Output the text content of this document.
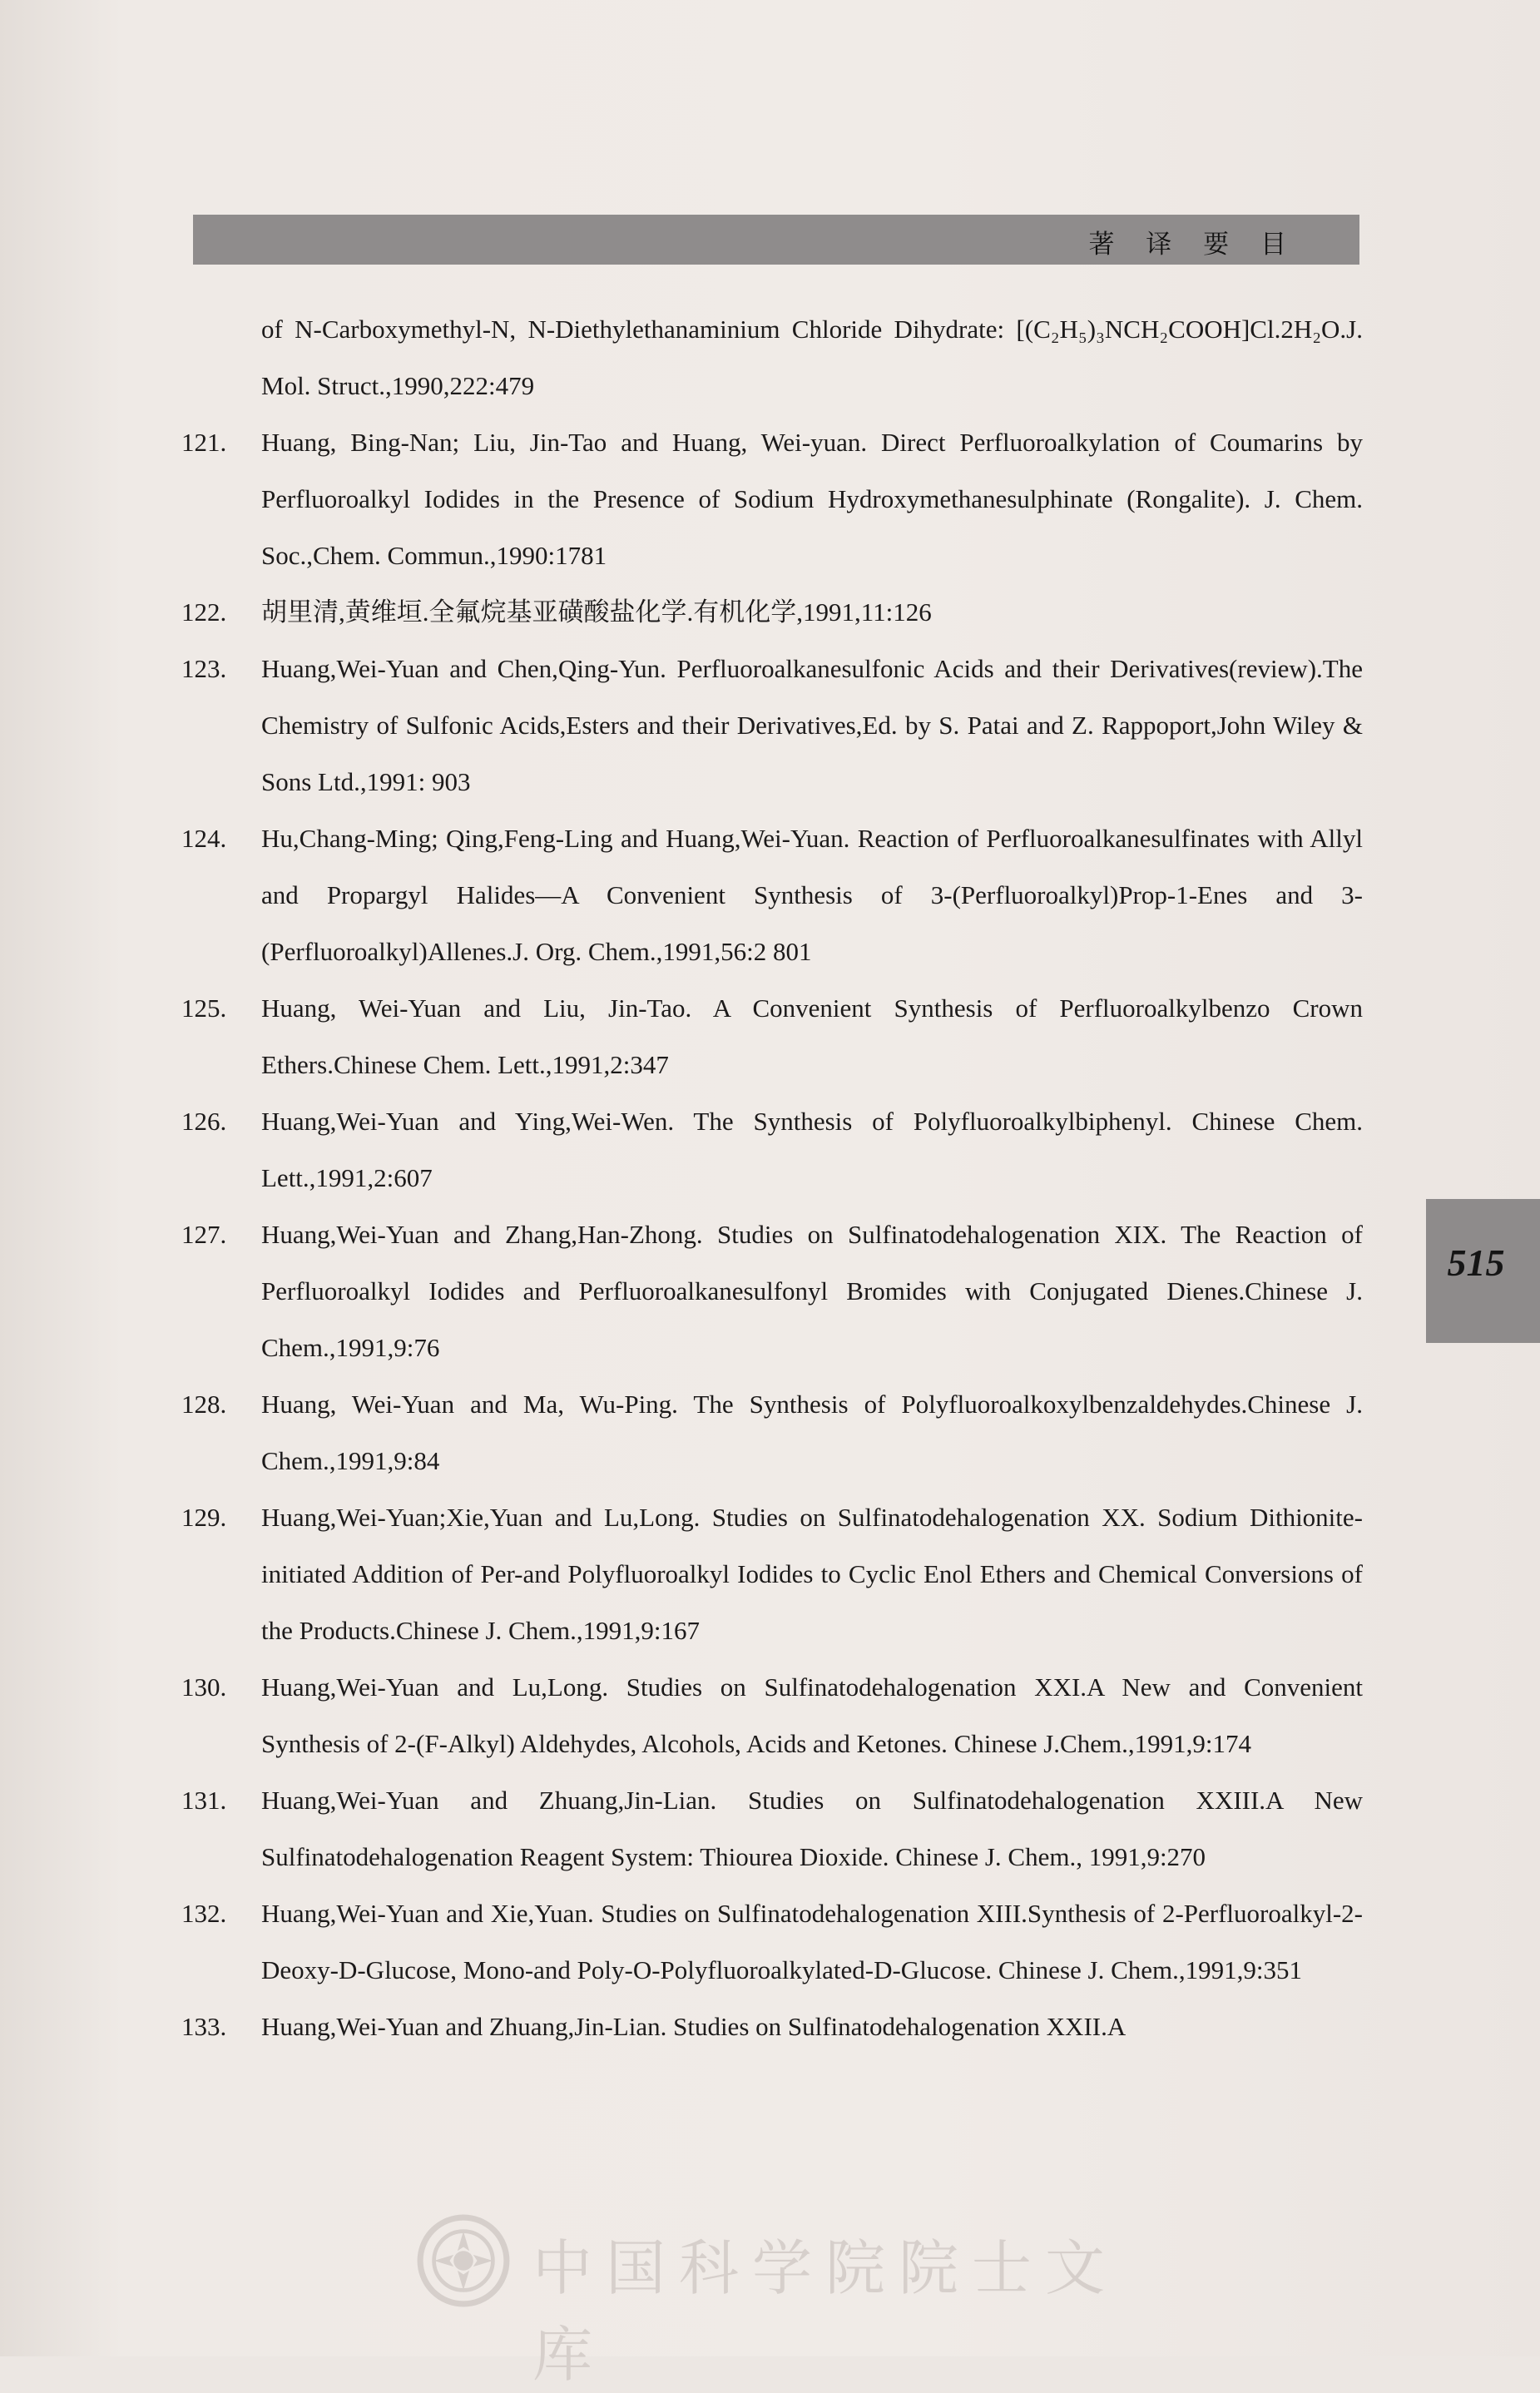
著 译 要 目
515
of N-Carboxymethyl-N, N-Diethylethanaminium Chloride Dihydrate: [(C₂H₅)₃NCH₂COOH]Cl.2H₂O.J. Mol. Struct.,1990,222:479
121.	Huang, Bing-Nan; Liu, Jin-Tao and Huang, Wei-yuan. Direct Perfluoroalkylation of Coumarins by Perfluoroalkyl Iodides in the Presence of Sodium Hydroxymethanesulphinate (Rongalite). J. Chem. Soc.,Chem. Commun.,1990:1781
122.	胡里清,黄维垣.全氟烷基亚磺酸盐化学.有机化学,1991,11:126
123.	Huang,Wei-Yuan and Chen,Qing-Yun. Perfluoroalkanesulfonic Acids and their Derivatives(review).The Chemistry of Sulfonic Acids,Esters and their Derivatives,Ed. by S. Patai and Z. Rappoport,John Wiley & Sons Ltd.,1991: 903
124.	Hu,Chang-Ming; Qing,Feng-Ling and Huang,Wei-Yuan. Reaction of Perfluoroalkanesulfinates with Allyl and Propargyl Halides—A Convenient Synthesis of 3-(Perfluoroalkyl)Prop-1-Enes and 3-(Perfluoroalkyl)Allenes.J. Org. Chem.,1991,56:2 801
125.	Huang, Wei-Yuan and Liu, Jin-Tao. A Convenient Synthesis of Perfluoroalkylbenzo Crown Ethers.Chinese Chem. Lett.,1991,2:347
126.	Huang,Wei-Yuan and Ying,Wei-Wen. The Synthesis of Polyfluoroalkylbiphenyl. Chinese Chem. Lett.,1991,2:607
127.	Huang,Wei-Yuan and Zhang,Han-Zhong. Studies on Sulfinatodehalogenation XIX. The Reaction of Perfluoroalkyl Iodides and Perfluoroalkanesulfonyl Bromides with Conjugated Dienes.Chinese J. Chem.,1991,9:76
128.	Huang, Wei-Yuan and Ma, Wu-Ping. The Synthesis of Polyfluoroalkoxylbenzaldehydes.Chinese J. Chem.,1991,9:84
129.	Huang,Wei-Yuan;Xie,Yuan and Lu,Long. Studies on Sulfinatodehalogenation XX. Sodium Dithionite-initiated Addition of Per-and Polyfluoroalkyl Iodides to Cyclic Enol Ethers and Chemical Conversions of the Products.Chinese J. Chem.,1991,9:167
130.	Huang,Wei-Yuan and Lu,Long. Studies on Sulfinatodehalogenation XXI.A New and Convenient Synthesis of 2-(F-Alkyl) Aldehydes, Alcohols, Acids and Ketones. Chinese J.Chem.,1991,9:174
131.	Huang,Wei-Yuan and Zhuang,Jin-Lian. Studies on Sulfinatodehalogenation XXIII.A New Sulfinatodehalogenation Reagent System: Thiourea Dioxide. Chinese J. Chem., 1991,9:270
132.	Huang,Wei-Yuan and Xie,Yuan. Studies on Sulfinatodehalogenation XIII.Synthesis of 2-Perfluoroalkyl-2-Deoxy-D-Glucose, Mono-and Poly-O-Polyfluoroalkylated-D-Glucose. Chinese J. Chem.,1991,9:351
133.	Huang,Wei-Yuan and Zhuang,Jin-Lian. Studies on Sulfinatodehalogenation XXII.A
中国科学院院士文库
